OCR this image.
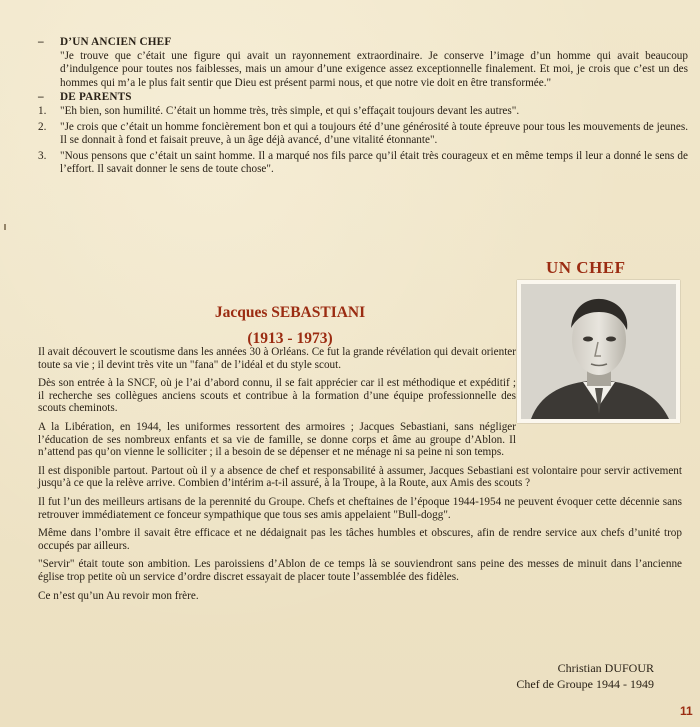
–	D’UN ANCIEN CHEF
"Je trouve que c’était une figure qui avait un rayonnement extraordinaire. Je conserve l’image d’un homme qui avait beaucoup d’indulgence pour toutes nos faiblesses, mais un amour d’une exigence assez exceptionnelle finalement. Et moi, je crois que c’est un des hommes qui m’a le plus fait sentir que Dieu est présent parmi nous, et que notre vie doit en être transformée."
–	DE PARENTS
1.	"Eh bien, son humilité. C’était un homme très, très simple, et qui s’effaçait toujours devant les autres".
2.	"Je crois que c’était un homme foncièrement bon et qui a toujours été d’une générosité à toute épreuve pour tous les mouvements de jeunes. Il se donnait à fond et faisait preuve, à un âge déjà avancé, d’une vitalité étonnante".
3.	"Nous pensons que c’était un saint homme. Il a marqué nos fils parce qu’il était très courageux et en même temps il leur a donné le sens de l’effort. Il savait donner le sens de toute chose".
UN CHEF
Jacques SEBASTIANI
(1913 - 1973)

Il avait découvert le scoutisme dans les années 30 à Orléans. Ce fut la grande révélation qui devait orienter toute sa vie ; il devint très vite un "fana" de l’idéal et du style scout.

Dès son entrée à la SNCF, où je l’ai d’abord connu, il se fait apprécier car il est méthodique et expéditif ; il recherche ses collègues anciens scouts et contribue à la formation d’une équipe professionnelle des scouts cheminots.

A la Libération, en 1944, les uniformes ressortent des armoires ; Jacques Sebastiani, sans négliger l’éducation de ses nombreux enfants et sa vie de famille, se donne corps et âme au groupe d’Ablon. Il n’attend pas qu’on vienne le solliciter ; il a besoin de se dépenser et ne ménage ni sa peine ni son temps.

Il est disponible partout. Partout où il y a absence de chef et responsabilité à assumer, Jacques Sebastiani est volontaire pour servir activement jusqu’à ce que la relève arrive. Combien d’intérim a-t-il assuré, à la Troupe, à la Route, aux Amis des scouts ?

Il fut l’un des meilleurs artisans de la perennité du Groupe. Chefs et cheftaines de l’époque 1944-1954 ne peuvent évoquer cette décennie sans retrouver immédiatement ce fonceur sympathique que tous ses amis appelaient "Bull-dogg".

Même dans l’ombre il savait être efficace et ne dédaignait pas les tâches humbles et obscures, afin de rendre service aux chefs d’unité trop occupés par ailleurs.

"Servir" était toute son ambition. Les paroissiens d’Ablon de ce temps là se souviendront sans peine des messes de minuit dans l’ancienne église trop petite où un service d’ordre discret essayait de placer toute l’assemblée des fidèles.

Ce n’est qu’un Au revoir mon frère.

Christian DUFOUR
Chef de Groupe 1944 - 1949
11
